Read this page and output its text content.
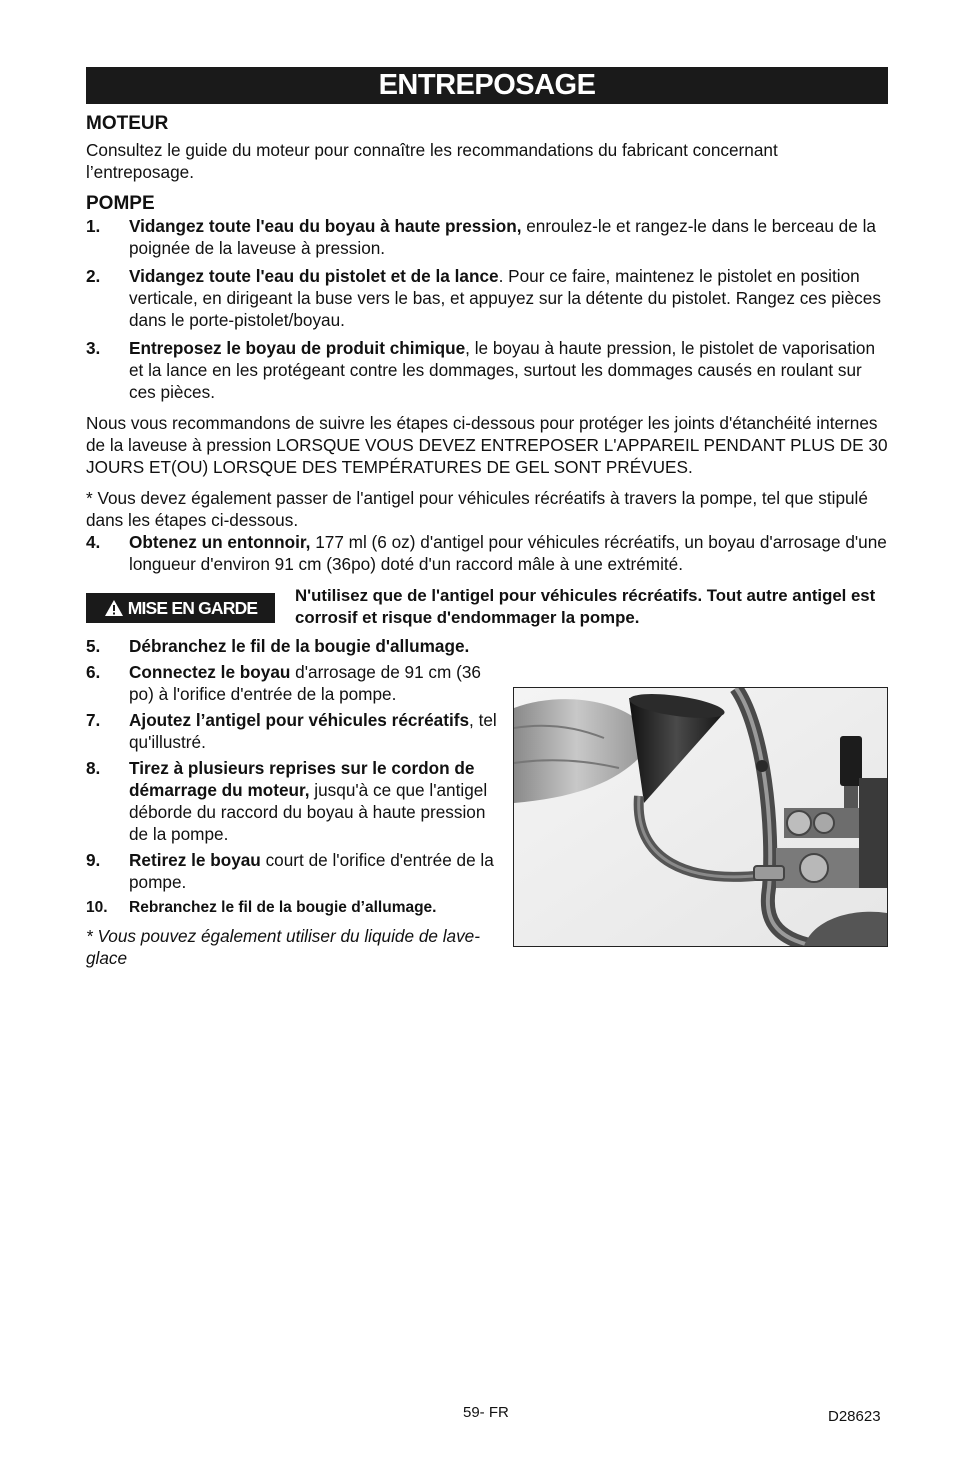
ENTREPOSAGE
MOTEUR

Consultez le guide du moteur pour connaître les recommandations du fabricant concernant l’entreposage.

POMPE
1. Vidangez toute l'eau du boyau à haute pression, enroulez-le et rangez-le dans le berceau de la poignée de la laveuse à pression.
2. Vidangez toute l'eau du pistolet et de la lance. Pour ce faire, maintenez le pistolet en position verticale, en dirigeant la buse vers le bas, et appuyez sur la détente du pistolet. Rangez ces pièces dans le porte-pistolet/boyau.
3. Entreposez le boyau de produit chimique, le boyau à haute pression, le pistolet de vaporisation et la lance en les protégeant contre les dommages, surtout les dommages causés en roulant sur ces pièces.

Nous vous recommandons de suivre les étapes ci-dessous pour protéger les joints d'étanchéité internes de la laveuse à pression LORSQUE VOUS DEVEZ ENTREPOSER L'APPAREIL PENDANT PLUS DE 30 JOURS ET(OU) LORSQUE DES TEMPÉRATURES DE GEL SONT PRÉVUES.

* Vous devez également passer de l'antigel pour véhicules récréatifs à travers la pompe, tel que stipulé dans les étapes ci-dessous.

4. Obtenez un entonnoir, 177 ml (6 oz) d'antigel pour véhicules récréatifs, un boyau d'arrosage d'une longueur d'environ 91 cm (36po) doté d'un raccord mâle à une extrémité.
MISE EN GARDE
N'utilisez que de l'antigel pour véhicules récréatifs. Tout autre antigel est corrosif et risque d'endommager la pompe.
5. Débranchez le fil de la bougie d'allumage.
6. Connectez le boyau d'arrosage de 91 cm (36 po) à l'orifice d'entrée de la pompe.
7. Ajoutez l’antigel pour véhicules récréatifs, tel qu'illustré.
8. Tirez à plusieurs reprises sur le cordon de démarrage du moteur, jusqu'à ce que l'antigel déborde du raccord du boyau à haute pression de la pompe.
9. Retirez le boyau court de l'orifice d'entrée de la pompe.
10. Rebranchez le fil de la bougie d’allumage.

* Vous pouvez également utiliser du liquide de lave-glace

59- FR	D28623
